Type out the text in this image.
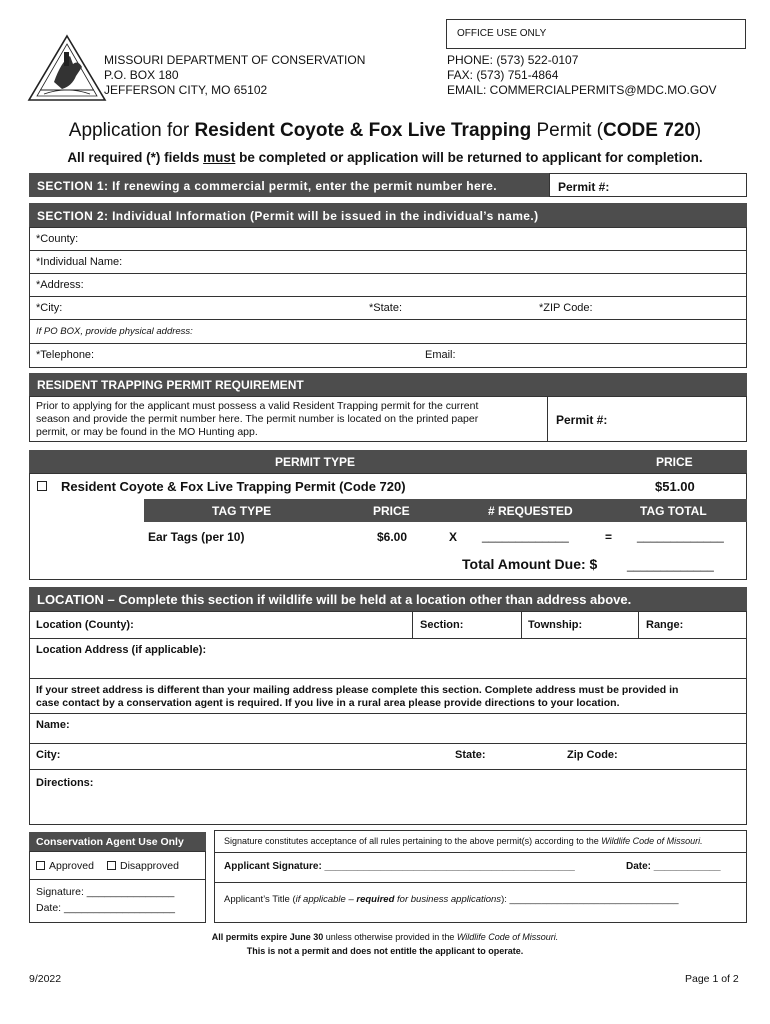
OFFICE USE ONLY
MISSOURI DEPARTMENT OF CONSERVATION
P.O. BOX 180
JEFFERSON CITY, MO 65102
PHONE: (573) 522-0107
FAX: (573) 751-4864
EMAIL: COMMERCIALPERMITS@MDC.MO.GOV
Application for Resident Coyote & Fox Live Trapping Permit (CODE 720)
All required (*) fields must be completed or application will be returned to applicant for completion.
SECTION 1: If renewing a commercial permit, enter the permit number here.	Permit #:
SECTION 2: Individual Information (Permit will be issued in the individual’s name.)
*County:
*Individual Name:
*Address:
*City:	*State:	*ZIP Code:
If PO BOX, provide physical address:
*Telephone:	Email:
RESIDENT TRAPPING PERMIT REQUIREMENT
Prior to applying for the applicant must possess a valid Resident Trapping permit for the current
season and provide the permit number here. The permit number is located on the printed paper
permit, or may be found in the MO Hunting app.
Permit #:
PERMIT TYPE	PRICE
Resident Coyote & Fox Live Trapping Permit (Code 720)	$51.00
TAG TYPE	PRICE	# REQUESTED	TAG TOTAL
Ear Tags (per 10)	$6.00	X _____________	= _____________
Total Amount Due: $ _____________
LOCATION – Complete this section if wildlife will be held at a location other than address above.
Location (County):	Section:	Township:	Range:
Location Address (if applicable):
If your street address is different than your mailing address please complete this section. Complete address must be provided in
case contact by a conservation agent is required. If you live in a rural area please provide directions to your location.
Name:
City:	State:	Zip Code:
Directions:
Conservation Agent Use Only
Approved	Disapproved
Signature: _______________
Date: ___________________
Signature constitutes acceptance of all rules pertaining to the above permit(s) according to the Wildlife Code of Missouri.
Applicant Signature: _____________________________________________	Date: ____________
Applicant’s Title (if applicable – required for business applications): ________________________________
All permits expire June 30 unless otherwise provided in the Wildlife Code of Missouri.
This is not a permit and does not entitle the applicant to operate.
9/2022	Page 1 of 2
